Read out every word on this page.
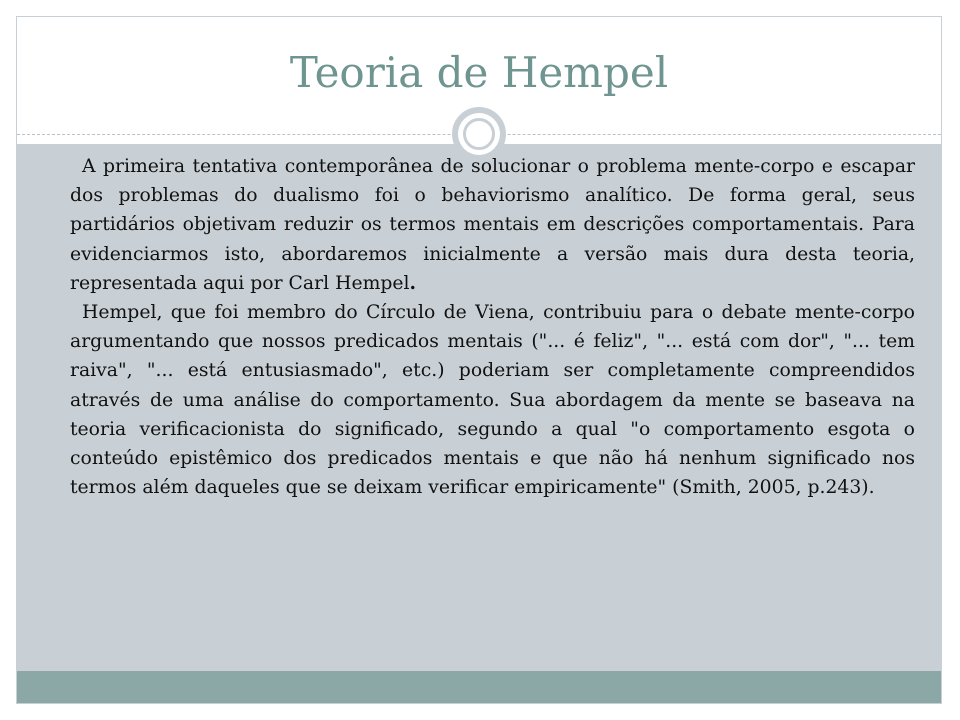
Teoria de Hempel

A primeira tentativa contemporânea de solucionar o problema mente-corpo e escapar dos problemas do dualismo foi o behaviorismo analítico. De forma geral, seus partidários objetivam reduzir os termos mentais em descrições comportamentais. Para evidenciarmos isto, abordaremos inicialmente a versão mais dura desta teoria, representada aqui por Carl Hempel.

Hempel, que foi membro do Círculo de Viena, contribuiu para o debate mente-corpo argumentando que nossos predicados mentais ("... é feliz", "... está com dor", "... tem raiva", "... está entusiasmado", etc.) poderiam ser completamente compreendidos através de uma análise do comportamento. Sua abordagem da mente se baseava na teoria verificacionista do significado, segundo a qual "o comportamento esgota o conteúdo epistêmico dos predicados mentais e que não há nenhum significado nos termos além daqueles que se deixam verificar empiricamente" (Smith, 2005, p.243).
